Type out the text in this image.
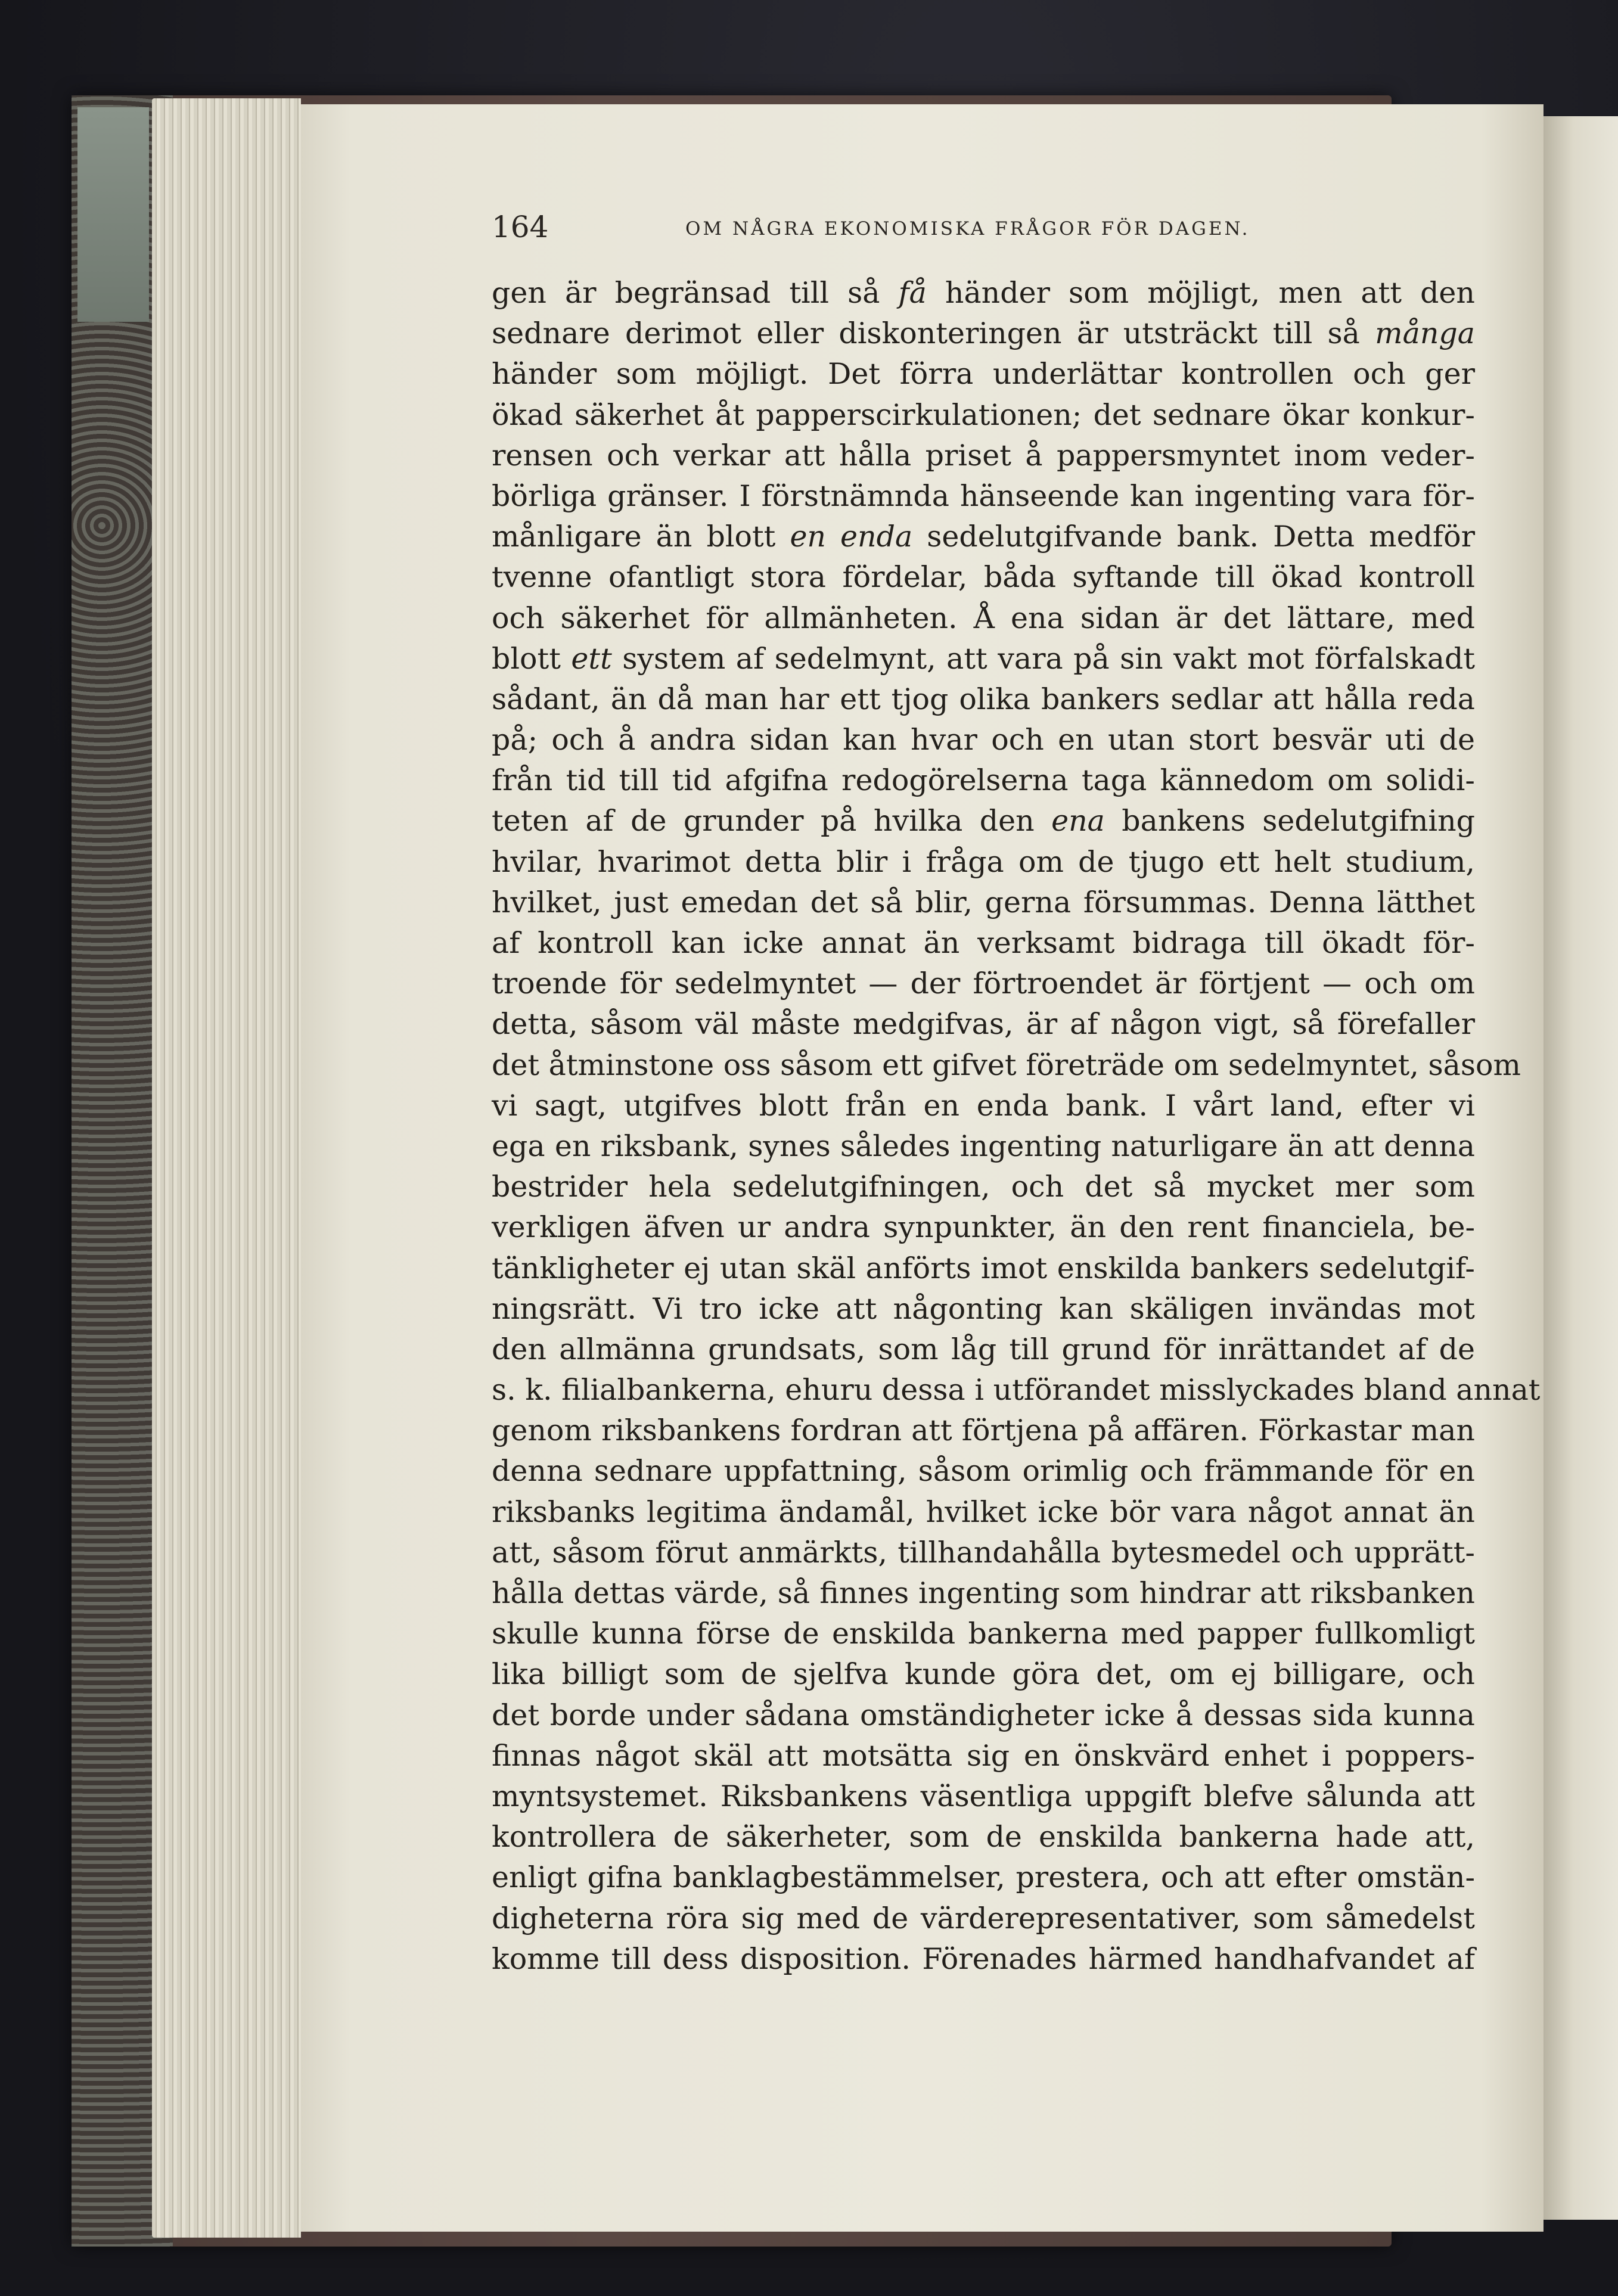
164	OM NÅGRA EKONOMISKA FRÅGOR FÖR DAGEN.
gen är begränsad till så få händer som möjligt, men att den
sednare derimot eller diskonteringen är utsträckt till så många
händer som möjligt. Det förra underlättar kontrollen och ger
ökad säkerhet åt papperscirkulationen; det sednare ökar konkur-
rensen och verkar att hålla priset å pappersmyntet inom veder-
börliga gränser. I förstnämnda hänseende kan ingenting vara för-
månligare än blott en enda sedelutgifvande bank. Detta medför
tvenne ofantligt stora fördelar, båda syftande till ökad kontroll
och säkerhet för allmänheten. Å ena sidan är det lättare, med
blott ett system af sedelmynt, att vara på sin vakt mot förfalskadt
sådant, än då man har ett tjog olika bankers sedlar att hålla reda
på; och å andra sidan kan hvar och en utan stort besvär uti de
från tid till tid afgifna redogörelserna taga kännedom om solidi-
teten af de grunder på hvilka den ena bankens sedelutgifning
hvilar, hvarimot detta blir i fråga om de tjugo ett helt studium,
hvilket, just emedan det så blir, gerna försummas. Denna lätthet
af kontroll kan icke annat än verksamt bidraga till ökadt för-
troende för sedelmyntet — der förtroendet är förtjent — och om
detta, såsom väl måste medgifvas, är af någon vigt, så förefaller
det åtminstone oss såsom ett gifvet företräde om sedelmyntet, såsom
vi sagt, utgifves blott från en enda bank. I vårt land, efter vi
ega en riksbank, synes således ingenting naturligare än att denna
bestrider hela sedelutgifningen, och det så mycket mer som
verkligen äfven ur andra synpunkter, än den rent financiela, be-
tänkligheter ej utan skäl anförts imot enskilda bankers sedelutgif-
ningsrätt. Vi tro icke att någonting kan skäligen invändas mot
den allmänna grundsats, som låg till grund för inrättandet af de
s. k. filialbankerna, ehuru dessa i utförandet misslyckades bland annat
genom riksbankens fordran att förtjena på affären. Förkastar man
denna sednare uppfattning, såsom orimlig och främmande för en
riksbanks legitima ändamål, hvilket icke bör vara något annat än
att, såsom förut anmärkts, tillhandahålla bytesmedel och upprätt-
hålla dettas värde, så finnes ingenting som hindrar att riksbanken
skulle kunna förse de enskilda bankerna med papper fullkomligt
lika billigt som de sjelfva kunde göra det, om ej billigare, och
det borde under sådana omständigheter icke å dessas sida kunna
finnas något skäl att motsätta sig en önskvärd enhet i poppers-
myntsystemet. Riksbankens väsentliga uppgift blefve sålunda att
kontrollera de säkerheter, som de enskilda bankerna hade att,
enligt gifna banklagbestämmelser, prestera, och att efter omstän-
digheterna röra sig med de värderepresentativer, som såmedelst
komme till dess disposition. Förenades härmed handhafvandet af
